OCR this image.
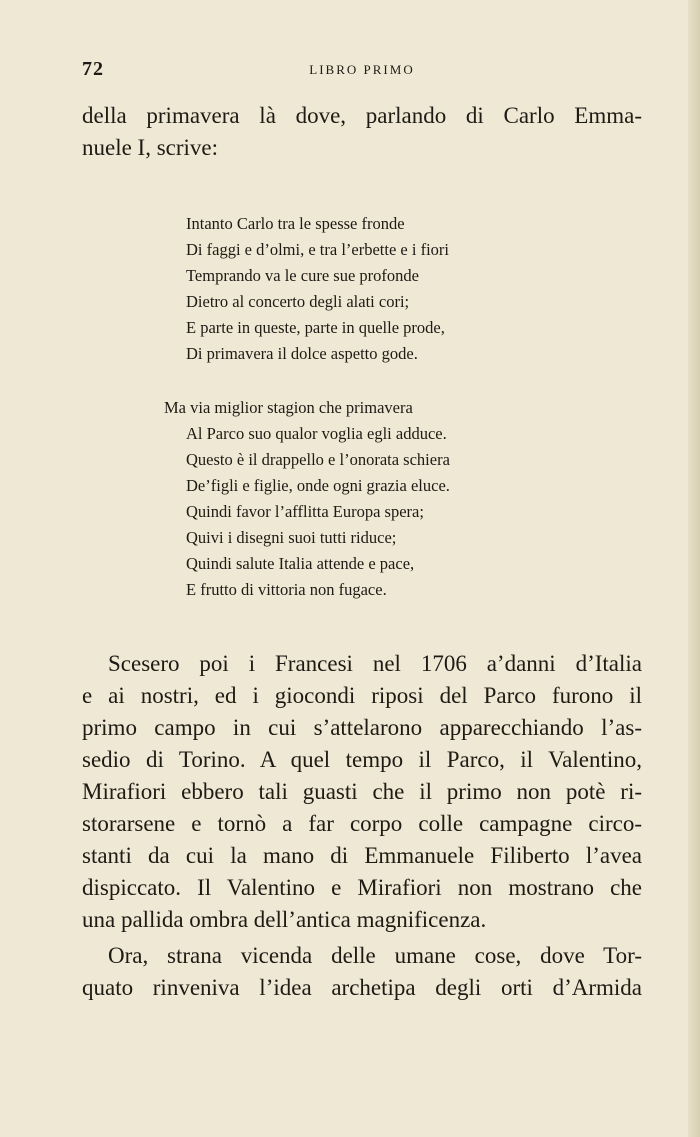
72	LIBRO PRIMO

della primavera là dove, parlando di Carlo Emma-
nuele I, scrive:

Intanto Carlo tra le spesse fronde
Di faggi e d’olmi, e tra l’erbette e i fiori
Temprando va le cure sue profonde
Dietro al concerto degli alati cori;
E parte in queste, parte in quelle prode,
Di primavera il dolce aspetto gode.
Ma via miglior stagion che primavera
Al Parco suo qualor voglia egli adduce.
Questo è il drappello e l’onorata schiera
De’figli e figlie, onde ogni grazia eluce.
Quindi favor l’afflitta Europa spera;
Quivi i disegni suoi tutti riduce;
Quindi salute Italia attende e pace,
E frutto di vittoria non fugace.

Scesero poi i Francesi nel 1706 a’danni d’Italia
e ai nostri, ed i giocondi riposi del Parco furono il
primo campo in cui s’attelarono apparecchiando l’as-
sedio di Torino. A quel tempo il Parco, il Valentino,
Mirafiori ebbero tali guasti che il primo non potè ri-
storarsene e tornò a far corpo colle campagne circo-
stanti da cui la mano di Emmanuele Filiberto l’avea
dispiccato. Il Valentino e Mirafiori non mostrano che
una pallida ombra dell’antica magnificenza.

Ora, strana vicenda delle umane cose, dove Tor-
quato rinveniva l’idea archetipa degli orti d’Armida
